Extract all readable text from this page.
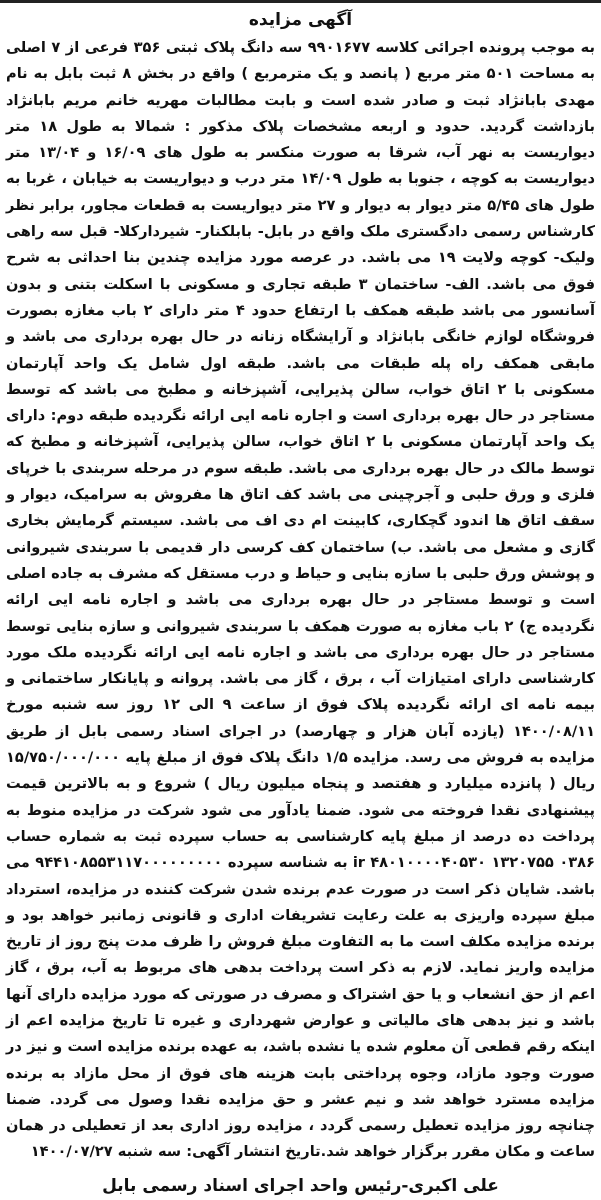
آگهی مزایده

به موجب پرونده اجرائی کلاسه ۹۹۰۱۶۷۷ سه دانگ پلاک ثبتی ۳۵۶ فرعی از ۷ اصلی به مساحت ۵۰۱ متر مربع ( پانصد و یک مترمربع ) واقع در بخش ۸ ثبت بابل به نام مهدی بابانژاد ثبت و صادر شده است و بابت مطالبات مهریه خانم مریم بابانژاد بازداشت گردید. حدود و اربعه مشخصات پلاک مذکور : شمالا به طول ۱۸ متر دیواریست به نهر آب، شرقا به صورت منکسر به طول های ۱۶/۰۹ و ۱۳/۰۴ متر دیواریست به کوچه ، جنوبا به طول ۱۴/۰۹ متر درب و دیواریست به خیابان ، غربا به طول های ۵/۴۵ متر دیوار به دیوار و ۲۷ متر دیواریست به قطعات مجاور، برابر نظر کارشناس رسمی دادگستری ملک واقع در بابل- بابلکنار- شیردارکلا- قبل سه راهی ولیک- کوچه ولایت ۱۹ می باشد. در عرصه مورد مزایده چندین بنا احداثی به شرح فوق می باشد. الف- ساختمان ۳ طبقه تجاری و مسکونی با اسکلت بتنی و بدون آسانسور می باشد طبقه همکف با ارتفاع حدود ۴ متر دارای ۲ باب مغازه بصورت فروشگاه لوازم خانگی بابانژاد و آرایشگاه زنانه در حال بهره برداری می باشد و مابقی همکف راه پله طبقات می باشد. طبقه اول شامل یک واحد آپارتمان مسکونی با ۲ اتاق خواب، سالن پذیرایی، آشپزخانه و مطبخ می باشد که توسط مستاجر در حال بهره برداری است و اجاره نامه ایی ارائه نگردیده طبقه دوم: دارای یک واحد آپارتمان مسکونی با ۲ اتاق خواب، سالن پذیرایی، آشپزخانه و مطبخ که توسط مالک در حال بهره برداری می باشد. طبقه سوم در مرحله سربندی با خرپای فلزی و ورق حلبی و آجرچینی می باشد کف اتاق ها مفروش به سرامیک، دیوار و سقف اتاق ها اندود گچکاری، کابینت ام دی اف می باشد. سیستم گرمایش بخاری گازی و مشعل می باشد. ب) ساختمان کف کرسی دار قدیمی با سربندی شیروانی و پوشش ورق حلبی با سازه بنایی و حیاط و درب مستقل که مشرف به جاده اصلی است و توسط مستاجر در حال بهره برداری می باشد و اجاره نامه ایی ارائه نگردیده ج) ۲ باب مغازه به صورت همکف با سربندی شیروانی و سازه بنایی توسط مستاجر در حال بهره برداری می باشد و اجاره نامه ایی ارائه نگردیده ملک مورد کارشناسی دارای امتیازات آب ، برق ، گاز می باشد. پروانه و پایانکار ساختمانی و بیمه نامه ای ارائه نگردیده پلاک فوق از ساعت ۹ الی ۱۲ روز سه شنبه مورخ ۱۴۰۰/۰۸/۱۱ (یازده آبان هزار و چهارصد) در اجرای اسناد رسمی بابل از طریق مزایده به فروش می رسد. مزایده ۱/۵ دانگ پلاک فوق از مبلغ پایه ۱۵/۷۵۰/۰۰۰/۰۰۰ ریال ( پانزده میلیارد و هفتصد و پنجاه میلیون ریال ) شروع و به بالاترین قیمت پیشنهادی نقدا فروخته می شود. ضمنا یادآور می شود شرکت در مزایده منوط به پرداخت ده درصد از مبلغ پایه کارشناسی به حساب سپرده ثبت به شماره حساب ۰۳۸۶ ۱۳۲۰۷۵۵ ۴۸۰۱۰۰۰۰۴۰۵۳۰ ir به شناسه سپرده ۹۴۴۱۰۸۵۵۳۱۱۷۰۰۰۰۰۰۰۰۰ می باشد. شایان ذکر است در صورت عدم برنده شدن شرکت کننده در مزایده، استرداد مبلغ سپرده واریزی به علت رعایت تشریفات اداری و قانونی زمانبر خواهد بود و برنده مزایده مکلف است ما به التفاوت مبلغ فروش را ظرف مدت پنج روز از تاریخ مزایده واریز نماید. لازم به ذکر است پرداخت بدهی های مربوط به آب، برق ، گاز اعم از حق انشعاب و یا حق اشتراک و مصرف در صورتی که مورد مزایده دارای آنها باشد و نیز بدهی های مالیاتی و عوارض شهرداری و غیره تا تاریخ مزایده اعم از اینکه رقم قطعی آن معلوم شده یا نشده باشد، به عهده برنده مزایده است و نیز در صورت وجود مازاد، وجوه پرداختی بابت هزینه های فوق از محل مازاد به برنده مزایده مسترد خواهد شد و نیم عشر و حق مزایده نقدا وصول می گردد. ضمنا چنانچه روز مزایده تعطیل رسمی گردد ، مزایده روز اداری بعد از تعطیلی در همان ساعت و مکان مقرر برگزار خواهد شد.تاریخ انتشار آگهی: سه شنبه ۱۴۰۰/۰۷/۲۷

علی اکبری-رئیس واحد اجرای اسناد رسمی بابل
